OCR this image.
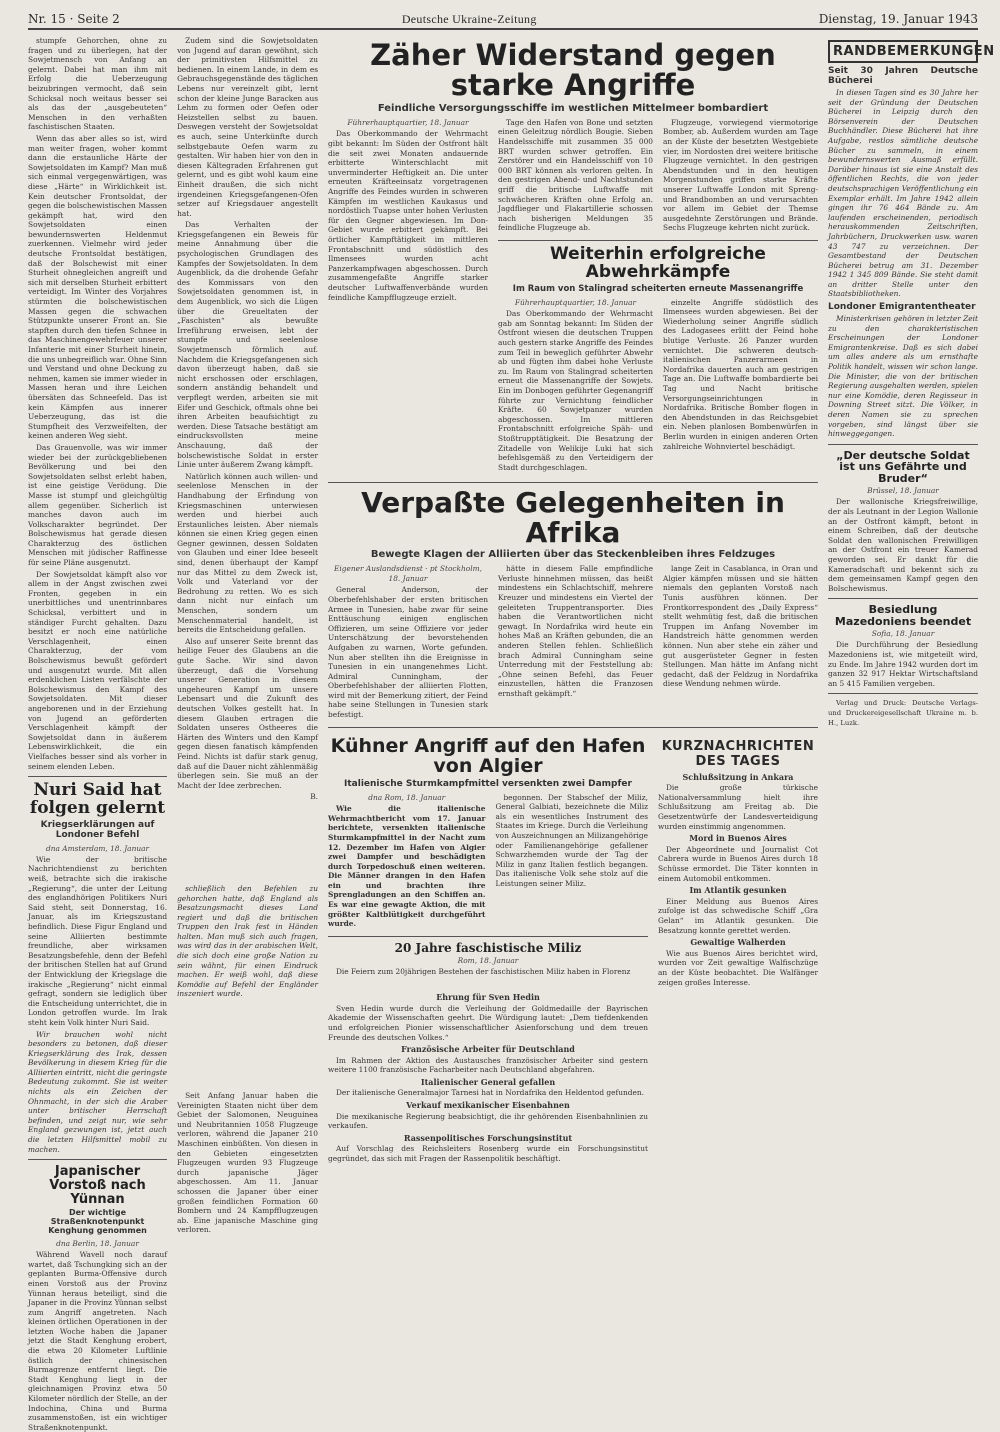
Nr. 15 · Seite 2	Deutsche Ukraine-Zeitung	Dienstag, 19. Januar 1943

stumpfe Gehorchen, ohne zu fragen und zu überlegen, hat der Sowjetmensch von Anfang an gelernt. Dabei hat man ihm mit Erfolg die Ueberzeugung beizubringen vermocht, daß sein Schicksal noch weitaus besser sei als das der „ausgebeuteten“ Menschen in den verhaßten faschistischen Staaten.

Wenn das aber alles so ist, wird man weiter fragen, woher kommt dann die erstaunliche Härte der Sowjetsoldaten im Kampf? Man muß sich einmal vergegenwärtigen, was diese „Härte“ in Wirklichkeit ist. Kein deutscher Frontsoldat, der gegen die bolschewistischen Massen gekämpft hat, wird den Sowjetsoldaten einen bewundernswerten Heldenmut zuerkennen. Vielmehr wird jeder deutsche Frontsoldat bestätigen, daß der Bolschewist mit einer Sturheit ohnegleichen angreift und sich mit derselben Sturheit erbittert verteidigt. Im Winter des Vorjahres stürmten die bolschewistischen Massen gegen die schwachen Stützpunkte unserer Front an. Sie stapften durch den tiefen Schnee in das Maschinengewehrfeuer unserer Infanterie mit einer Sturheit hinein, die uns unbegreiflich war. Ohne Sinn und Verstand und ohne Deckung zu nehmen, kamen sie immer wieder in Massen heran und ihre Leichen übersäten das Schneefeld. Das ist kein Kämpfen aus innerer Ueberzeugung, das ist die Stumpfheit des Verzweifelten, der keinen anderen Weg sieht.

Das Grauenvolle, was wir immer wieder bei der zurückgebliebenen Bevölkerung und bei den Sowjetsoldaten selbst erlebt haben, ist eine geistige Verödung. Die Masse ist stumpf und gleichgültig allem gegenüber. Sicherlich ist manches davon auch im Volkscharakter begründet. Der Bolschewismus hat gerade diesen Charakterzug des östlichen Menschen mit jüdischer Raffinesse für seine Pläne ausgenutzt.

Der Sowjetsoldat kämpft also vor allem in der Angst zwischen zwei Fronten, gegeben in ein unerbittliches und unentrinnbares Schicksal, verbittert und in ständiger Furcht gehalten. Dazu besitzt er noch eine natürliche Verschlagenheit, einen Charakterzug, der vom Bolschewismus bewußt gefördert und ausgenutzt wurde. Mit allen erdenklichen Listen verfälschte der Bolschewismus den Kampf des Sowjetsoldaten. Mit dieser angeborenen und in der Erziehung von Jugend an geförderten Verschlagenheit kämpft der Sowjetsoldat dann in äußerem Lebenswirklichkeit, die ein Vielfaches besser sind als vorher in seinem elenden Leben.

Nuri Said hat folgen gelernt
Kriegserklärungen auf Londoner Befehl
dna Amsterdam, 18. Januar

Wie der britische Nachrichtendienst zu berichten weiß, betrachte sich die irakische „Regierung“, die unter der Leitung des englandhörigen Politikers Nuri Said steht, seit Donnerstag, 16. Januar, als im Kriegszustand befindlich. Diese Figur England und seine Alliierten bestimmte freundliche, aber wirksamen Besatzungsbefehle, denn der Befehl der britischen Stellen hat auf Grund der Entwicklung der Kriegslage die irakische „Regierung“ nicht einmal gefragt, sondern sie lediglich über die Entscheidung unterrichtet, die in London getroffen wurde. Im Irak steht kein Volk hinter Nuri Said.

Wir brauchen wohl nicht besonders zu betonen, daß dieser Kriegserklärung des Irak, dessen Bevölkerung in diesem Krieg für die Alliierten eintritt, nicht die geringste Bedeutung zukommt. Sie ist weiter nichts als ein Zeichen der Ohnmacht, in der sich die Araber unter britischer Herrschaft befinden, und zeigt nur, wie sehr England gezwungen ist, jetzt auch die letzten Hilfsmittel mobil zu machen.

Japanischer Vorstoß nach Yünnan
Der wichtige Straßenknotenpunkt Kenghung genommen
dna Berlin, 18. Januar

Während Wavell noch darauf wartet, daß Tschungking sich an der geplanten Burma-Offensive durch einen Vorstoß aus der Provinz Yünnan heraus beteiligt, sind die Japaner in die Provinz Yünnan selbst zum Angriff angetreten. Nach kleinen örtlichen Operationen in der letzten Woche haben die Japaner jetzt die Stadt Kenghung erobert, die etwa 20 Kilometer Luftlinie östlich der chinesischen Burmagrenze entfernt liegt. Die Stadt Kenghung liegt in der gleichnamigen Provinz etwa 50 Kilometer nördlich der Stelle, an der Indochina, China und Burma zusammenstoßen, ist ein wichtiger Straßenknotenpunkt.

Zudem sind die Sowjetsoldaten von Jugend auf daran gewöhnt, sich der primitivsten Hilfsmittel zu bedienen. In einem Lande, in dem es Gebrauchsgegenstände des täglichen Lebens nur vereinzelt gibt, lernt schon der kleine Junge Baracken aus Lehm zu formen oder Oefen oder Heizstellen selbst zu bauen. Deswegen versteht der Sowjetsoldat es auch, seine Unterkünfte durch selbstgebaute Oefen warm zu gestalten. Wir haben hier von den in diesen Kältegraden Erfahrenen gut gelernt, und es gibt wohl kaum eine Einheit draußen, die sich nicht irgendeinen Kriegsgefangenen-Ofen setzer auf Kriegsdauer angestellt hat.

Das Verhalten der Kriegsgefangenen ein Beweis für meine Annahmung über die psychologischen Grundlagen des Kampfes der Sowjetsoldaten. In dem Augenblick, da die drohende Gefahr des Kommissars von den Sowjetsoldaten genommen ist, in dem Augenblick, wo sich die Lügen über die Greueltaten der „Faschisten“ als bewußte Irreführung erweisen, lebt der stumpfe und seelenlose Sowjetmensch förmlich auf. Nachdem die Kriegsgefangenen sich davon überzeugt haben, daß sie nicht erschossen oder erschlagen, sondern anständig behandelt und verpflegt werden, arbeiten sie mit Eifer und Geschick, oftmals ohne bei ihren Arbeiten beaufsichtigt zu werden. Diese Tatsache bestätigt am eindrucksvollsten meine Anschauung, daß der bolschewistische Soldat in erster Linie unter äußerem Zwang kämpft.

Natürlich können auch willen- und seelenlose Menschen in der Handhabung der Erfindung von Kriegsmaschinen unterwiesen werden und hierbei auch Erstaunliches leisten. Aber niemals können sie einen Krieg gegen einen Gegner gewinnen, dessen Soldaten von Glauben und einer Idee beseelt sind, denen überhaupt der Kampf nur das Mittel zu dem Zweck ist, Volk und Vaterland vor der Bedrohung zu retten. Wo es sich dann nicht nur einfach um Menschen, sondern um Menschenmaterial handelt, ist bereits die Entscheidung gefallen.

Also auf unserer Seite brennt das heilige Feuer des Glaubens an die gute Sache. Wir sind davon überzeugt, daß die Vorsehung unserer Generation in diesem ungeheuren Kampf um unsere Lebensart und die Zukunft des deutschen Volkes gestellt hat. In diesem Glauben ertragen die Soldaten unseres Ostheeres die Härten des Winters und den Kampf gegen diesen fanatisch kämpfenden Feind. Nichts ist dafür stark genug, daß auf die Dauer nicht zählenmäßig überlegen sein. Sie muß an der Macht der Idee zerbrechen.

B.

schließlich den Befehlen zu gehorchen hatte, daß England als Besatzungsmacht dieses Land regiert und daß die britischen Truppen den Irak fest in Händen halten. Man muß sich auch fragen, was wird das in der arabischen Welt, die sich doch eine große Nation zu sein wähnt, für einen Eindruck machen. Er weiß wohl, daß diese Komödie auf Befehl der Engländer inszeniert wurde.

Seit Anfang Januar haben die Vereinigten Staaten nicht über dem Gebiet der Salomonen, Neuguinea und Neubritannien 1058 Flugzeuge verloren, während die Japaner 210 Maschinen einbüßten. Von diesen in den Gebieten eingesetzten Flugzeugen wurden 93 Flugzeuge durch japanische Jäger abgeschossen. Am 11. Januar schossen die Japaner über einer großen feindlichen Formation 60 Bombern und 24 Kampfflugzeugen ab. Eine japanische Maschine ging verloren.

Zäher Widerstand gegen starke Angriffe
Feindliche Versorgungsschiffe im westlichen Mittelmeer bombardiert
Führerhauptquartier, 18. Januar

Das Oberkommando der Wehrmacht gibt bekannt: Im Süden der Ostfront hält die seit zwei Monaten andauernde erbitterte Winterschlacht mit unverminderter Heftigkeit an. Die unter erneuten Kräfteeinsatz vorgetragenen Angriffe des Feindes wurden in schweren Kämpfen im westlichen Kaukasus und nordöstlich Tuapse unter hohen Verlusten für den Gegner abgewiesen. Im Don-Gebiet wurde erbittert gekämpft. Bei örtlicher Kampftätigkeit im mittleren Frontabschnitt und südöstlich des Ilmensees wurden acht Panzerkampfwagen abgeschossen. Durch zusammengefaßte Angriffe starker deutscher Luftwaffenverbände wurden feindliche Kampfflugzeuge erzielt.

Tage den Hafen von Bone und setzten einen Geleitzug nördlich Bougie. Sieben Handelsschiffe mit zusammen 35 000 BRT wurden schwer getroffen. Ein Zerstörer und ein Handelsschiff von 10 000 BRT können als verloren gelten. In den gestrigen Abend- und Nachtstunden griff die britische Luftwaffe mit schwächeren Kräften ohne Erfolg an. Jagdflieger und Flakartillerie schossen nach bisherigen Meldungen 35 feindliche Flugzeuge ab.

Flugzeuge, vorwiegend viermotorige Bomber, ab. Außerdem wurden am Tage an der Küste der besetzten Westgebiete vier, im Nordosten drei weitere britische Flugzeuge vernichtet. In den gestrigen Abendstunden und in den heutigen Morgenstunden griffen starke Kräfte unserer Luftwaffe London mit Spreng- und Brandbomben an und verursachten vor allem im Gebiet der Themse ausgedehnte Zerstörungen und Brände. Sechs Flugzeuge kehrten nicht zurück.

Weiterhin erfolgreiche Abwehrkämpfe
Im Raum von Stalingrad scheiterten erneute Massenangriffe
Führerhauptquartier, 18. Januar

Das Oberkommando der Wehrmacht gab am Sonntag bekannt: Im Süden der Ostfront wiesen die deutschen Truppen auch gestern starke Angriffe des Feindes zum Teil in beweglich geführter Abwehr ab und fügten ihm dabei hohe Verluste zu. Im Raum von Stalingrad scheiterten erneut die Massenangriffe der Sowjets. Ein im Donbogen geführter Gegenangriff führte zur Vernichtung feindlicher Kräfte. 60 Sowjetpanzer wurden abgeschossen. Im mittleren Frontabschnitt erfolgreiche Späh- und Stoßtrupptätigkeit. Die Besatzung der Zitadelle von Welikije Luki hat sich befehlsgemäß zu den Verteidigern der Stadt durchgeschlagen.

einzelte Angriffe südöstlich des Ilmensees wurden abgewiesen. Bei der Wiederholung seiner Angriffe südlich des Ladogasees erlitt der Feind hohe blutige Verluste. 26 Panzer wurden vernichtet. Die schweren deutsch-italienischen Panzerarmeen in Nordafrika dauerten auch am gestrigen Tage an. Die Luftwaffe bombardierte bei Tag und Nacht britische Versorgungseinrichtungen in Nordafrika. Britische Bomber flogen in den Abendstunden in das Reichsgebiet ein. Neben planlosen Bombenwürfen in Berlin wurden in einigen anderen Orten zahlreiche Wohnviertel beschädigt.

Verpaßte Gelegenheiten in Afrika
Bewegte Klagen der Alliierten über das Steckenbleiben ihres Feldzuges
Eigener Auslandsdienst · pt Stockholm, 18. Januar

General Anderson, der Oberbefehlshaber der ersten britischen Armee in Tunesien, habe zwar für seine Enttäuschung einigen englischen Offizieren, um seine Offiziere vor jeder Unterschätzung der bevorstehenden Aufgaben zu warnen, Worte gefunden. Nun aber stellten ihn die Ereignisse in Tunesien in ein unangenehmes Licht. Admiral Cunningham, der Oberbefehlshaber der alliierten Flotten, wird mit der Bemerkung zitiert, der Feind habe seine Stellungen in Tunesien stark befestigt.

hätte in diesem Falle empfindliche Verluste hinnehmen müssen, das heißt mindestens ein Schlachtschiff, mehrere Kreuzer und mindestens ein Viertel der geleiteten Truppentransporter. Dies haben die Verantwortlichen nicht gewagt. In Nordafrika wird heute ein hohes Maß an Kräften gebunden, die an anderen Stellen fehlen. Schließlich brach Admiral Cunningham seine Unterredung mit der Feststellung ab: „Ohne seinen Befehl, das Feuer einzustellen, hätten die Franzosen ernsthaft gekämpft.“

lange Zeit in Casablanca, in Oran und Algier kämpfen müssen und sie hätten niemals den geplanten Vorstoß nach Tunis ausführen können. Der Frontkorrespondent des „Daily Express“ stellt wehmütig fest, daß die britischen Truppen im Anfang November im Handstreich hätte genommen werden können. Nun aber stehe ein zäher und gut ausgerüsteter Gegner in festen Stellungen. Man hätte im Anfang nicht gedacht, daß der Feldzug in Nordafrika diese Wendung nehmen würde.

Kühner Angriff auf den Hafen von Algier
Italienische Sturmkampfmittel versenkten zwei Dampfer
dna Rom, 18. Januar

Wie die italienische Wehrmachtbericht vom 17. Januar berichtete, versenkten italienische Sturmkampfmittel in der Nacht zum 12. Dezember im Hafen von Algier zwei Dampfer und beschädigten durch Torpedoschuß einen weiteren. Die Männer drangen in den Hafen ein und brachten ihre Sprengladungen an den Schiffen an. Es war eine gewagte Aktion, die mit größter Kaltblütigkeit durchgeführt wurde.

begonnen. Der Stabschef der Miliz, General Galbiati, bezeichnete die Miliz als ein wesentliches Instrument des Staates im Kriege. Durch die Verleihung von Auszeichnungen an Milizangehörige oder Familienangehörige gefallener Schwarzhemden wurde der Tag der Miliz in ganz Italien festlich begangen. Das italienische Volk sehe stolz auf die Leistungen seiner Miliz.

20 Jahre faschistische Miliz
Rom, 18. Januar

Die Feiern zum 20jährigen Bestehen der faschistischen Miliz haben in Florenz

KURZNACHRICHTEN DES TAGES
Schlußsitzung in Ankara

Die große türkische Nationalversammlung hielt ihre Schlußsitzung am Freitag ab. Die Gesetzentwürfe der Landesverteidigung wurden einstimmig angenommen.

Mord in Buenos Aires

Der Abgeordnete und Journalist Cot Cabrera wurde in Buenos Aires durch 18 Schüsse ermordet. Die Täter konnten in einem Automobil entkommen.

Im Atlantik gesunken

Einer Meldung aus Buenos Aires zufolge ist das schwedische Schiff „Gra Gelan“ im Atlantik gesunken. Die Besatzung konnte gerettet werden.

Gewaltige Walherden

Wie aus Buenos Aires berichtet wird, wurden vor Zeit gewaltige Walfischzüge an der Küste beobachtet. Die Walfänger zeigen großes Interesse.

Ehrung für Sven Hedin

Sven Hedin wurde durch die Verleihung der Goldmedaille der Bayrischen Akademie der Wissenschaften geehrt. Die Würdigung lautet: „Dem tiefdenkenden und erfolgreichen Pionier wissenschaftlicher Asienforschung und dem treuen Freunde des deutschen Volkes.“

Französische Arbeiter für Deutschland

Im Rahmen der Aktion des Austausches französischer Arbeiter sind gestern weitere 1100 französische Facharbeiter nach Deutschland abgefahren.

Italienischer General gefallen

Der italienische Generalmajor Tarnesi hat in Nordafrika den Heldentod gefunden.

Verkauf mexikanischer Eisenbahnen

Die mexikanische Regierung beabsichtigt, die ihr gehörenden Eisenbahnlinien zu verkaufen.

Rassenpolitisches Forschungsinstitut

Auf Vorschlag des Reichsleiters Rosenberg wurde ein Forschungsinstitut gegründet, das sich mit Fragen der Rassenpolitik beschäftigt.

RANDBEMERKUNGEN
Seit 30 Jahren Deutsche Bücherei

In diesen Tagen sind es 30 Jahre her seit der Gründung der Deutschen Bücherei in Leipzig durch den Börsenverein der Deutschen Buchhändler. Diese Bücherei hat ihre Aufgabe, restlos sämtliche deutsche Bücher zu sammeln, in einem bewundernswerten Ausmaß erfüllt. Darüber hinaus ist sie eine Anstalt des öffentlichen Rechts, die von jeder deutschsprachigen Veröffentlichung ein Exemplar erhält. Im Jahre 1942 allein gingen ihr 76 464 Bände zu. Am laufenden erscheinenden, periodisch herauskommenden Zeitschriften, Jahrbüchern, Druckwerken usw. waren 43 747 zu verzeichnen. Der Gesamtbestand der Deutschen Bücherei betrug am 31. Dezember 1942 1 345 809 Bände. Sie steht damit an dritter Stelle unter den Staatsbibliotheken.

Londoner Emigrantentheater

Ministerkrisen gehören in letzter Zeit zu den charakteristischen Erscheinungen der Londoner Emigrantenkreise. Daß es sich dabei um alles andere als um ernsthafte Politik handelt, wissen wir schon lange. Die Minister, die von der britischen Regierung ausgehalten werden, spielen nur eine Komödie, deren Regisseur in Downing Street sitzt. Die Völker, in deren Namen sie zu sprechen vorgeben, sind längst über sie hinweggegangen.

„Der deutsche Soldat ist uns Gefährte und Bruder“
Brüssel, 18. Januar

Der wallonische Kriegsfreiwillige, der als Leutnant in der Legion Wallonie an der Ostfront kämpft, betont in einem Schreiben, daß der deutsche Soldat den wallonischen Freiwilligen an der Ostfront ein treuer Kamerad geworden sei. Er dankt für die Kameradschaft und bekennt sich zu dem gemeinsamen Kampf gegen den Bolschewismus.

Besiedlung Mazedoniens beendet
Sofia, 18. Januar

Die Durchführung der Besiedlung Mazedoniens ist, wie mitgeteilt wird, zu Ende. Im Jahre 1942 wurden dort im ganzen 32 917 Hektar Wirtschaftsland an 5 415 Familien vergeben.

Verlag und Druck: Deutsche Verlags- und Druckereigesellschaft Ukraine m. b. H., Luzk.
